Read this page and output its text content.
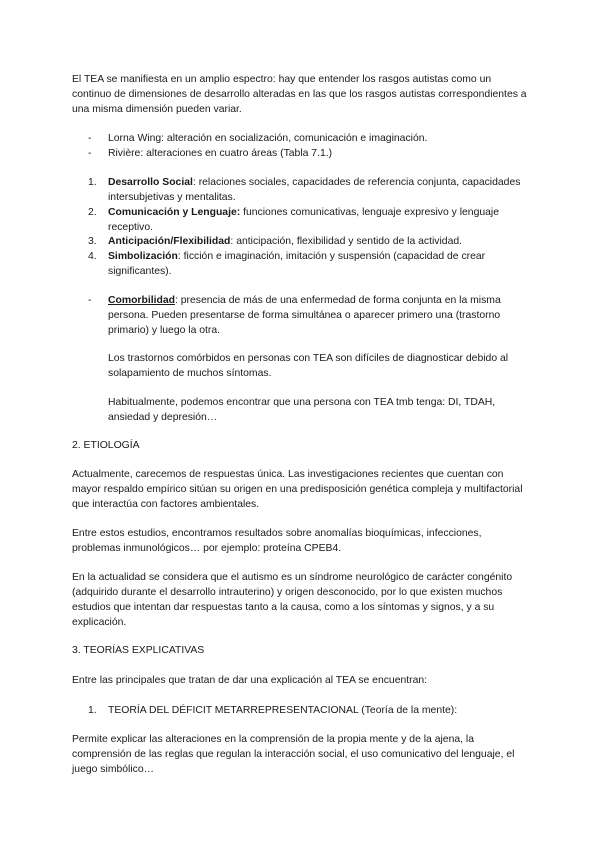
El TEA se manifiesta en un amplio espectro: hay que entender los rasgos autistas como un continuo de dimensiones de desarrollo alteradas en las que los rasgos autistas correspondientes a una misma dimensión pueden variar.

- Lorna Wing: alteración en socialización, comunicación e imaginación.
- Rivière: alteraciones en cuatro áreas (Tabla 7.1.)
1. Desarrollo Social: relaciones sociales, capacidades de referencia conjunta, capacidades intersubjetivas y mentalitas.
2. Comunicación y Lenguaje: funciones comunicativas, lenguaje expresivo y lenguaje receptivo.
3. Anticipación/Flexibilidad: anticipación, flexibilidad y sentido de la actividad.
4. Simbolización: ficción e imaginación, imitación y suspensión (capacidad de crear significantes).
- Comorbilidad: presencia de más de una enfermedad de forma conjunta en la misma persona. Pueden presentarse de forma simultánea o aparecer primero una (trastorno primario) y luego la otra.

Los trastornos comórbidos en personas con TEA son difíciles de diagnosticar debido al solapamiento de muchos síntomas.

Habitualmente, podemos encontrar que una persona con TEA tmb tenga: DI, TDAH, ansiedad y depresión…

2. ETIOLOGÍA

Actualmente, carecemos de respuestas única. Las investigaciones recientes que cuentan con mayor respaldo empírico sitúan su origen en una predisposición genética compleja y multifactorial que interactúa con factores ambientales.

Entre estos estudios, encontramos resultados sobre anomalías bioquímicas, infecciones, problemas inmunológicos… por ejemplo: proteína CPEB4.

En la actualidad se considera que el autismo es un síndrome neurológico de carácter congénito (adquirido durante el desarrollo intrauterino) y origen desconocido, por lo que existen muchos estudios que intentan dar respuestas tanto a la causa, como a los síntomas y signos, y a su explicación.

3. TEORÍAS EXPLICATIVAS

Entre las principales que tratan de dar una explicación al TEA se encuentran:

1. TEORÍA DEL DÉFICIT METARREPRESENTACIONAL (Teoría de la mente):

Permite explicar las alteraciones en la comprensión de la propia mente y de la ajena, la comprensión de las reglas que regulan la interacción social, el uso comunicativo del lenguaje, el juego simbólico…
